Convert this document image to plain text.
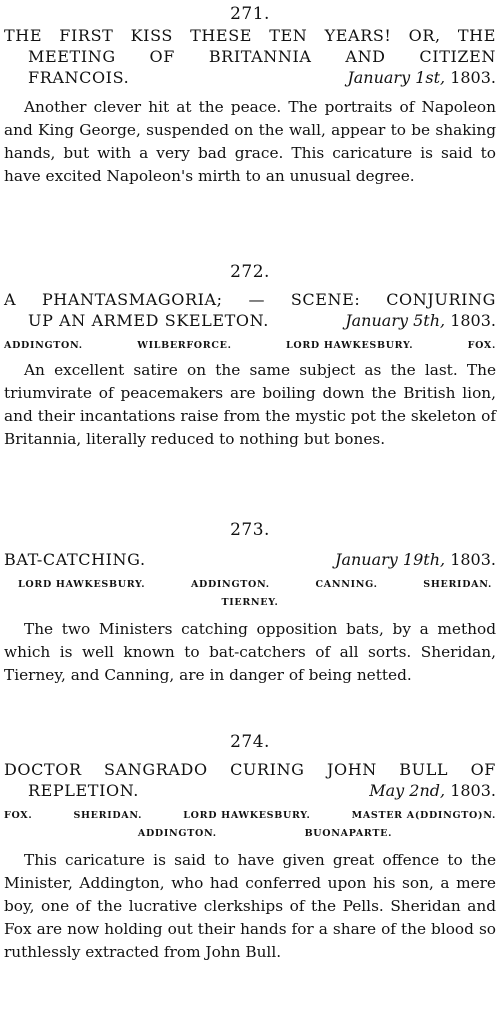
271.

THE FIRST KISS THESE TEN YEARS! OR, THE

MEETING OF BRITANNIA AND CITIZEN

FRANCOIS.	January 1st, 1803.

Another clever hit at the peace. The portraits of Napoleon and King George, suspended on the wall, appear to be shaking hands, but with a very bad grace. This caricature is said to have excited Napoleon's mirth to an unusual degree.

272.

A PHANTASMAGORIA; — SCENE: CONJURING

UP AN ARMED SKELETON.	January 5th, 1803.

ADDINGTON.	WILBERFORCE.	LORD HAWKESBURY.	FOX.

An excellent satire on the same subject as the last. The triumvirate of peacemakers are boiling down the British lion, and their incantations raise from the mystic pot the skeleton of Britannia, literally reduced to nothing but bones.

273.

BAT-CATCHING.	January 19th, 1803.

LORD HAWKESBURY.	ADDINGTON.	CANNING.	SHERIDAN.

TIERNEY.

The two Ministers catching opposition bats, by a method which is well known to bat-catchers of all sorts. Sheridan, Tierney, and Canning, are in danger of being netted.

274.

DOCTOR SANGRADO CURING JOHN BULL OF

REPLETION.	May 2nd, 1803.

FOX.	SHERIDAN.	LORD HAWKESBURY.	MASTER A(DDINGTO)N.

ADDINGTON.	BUONAPARTE.

This caricature is said to have given great offence to the Minister, Addington, who had conferred upon his son, a mere boy, one of the lucrative clerkships of the Pells. Sheridan and Fox are now holding out their hands for a share of the blood so ruthlessly extracted from John Bull.
